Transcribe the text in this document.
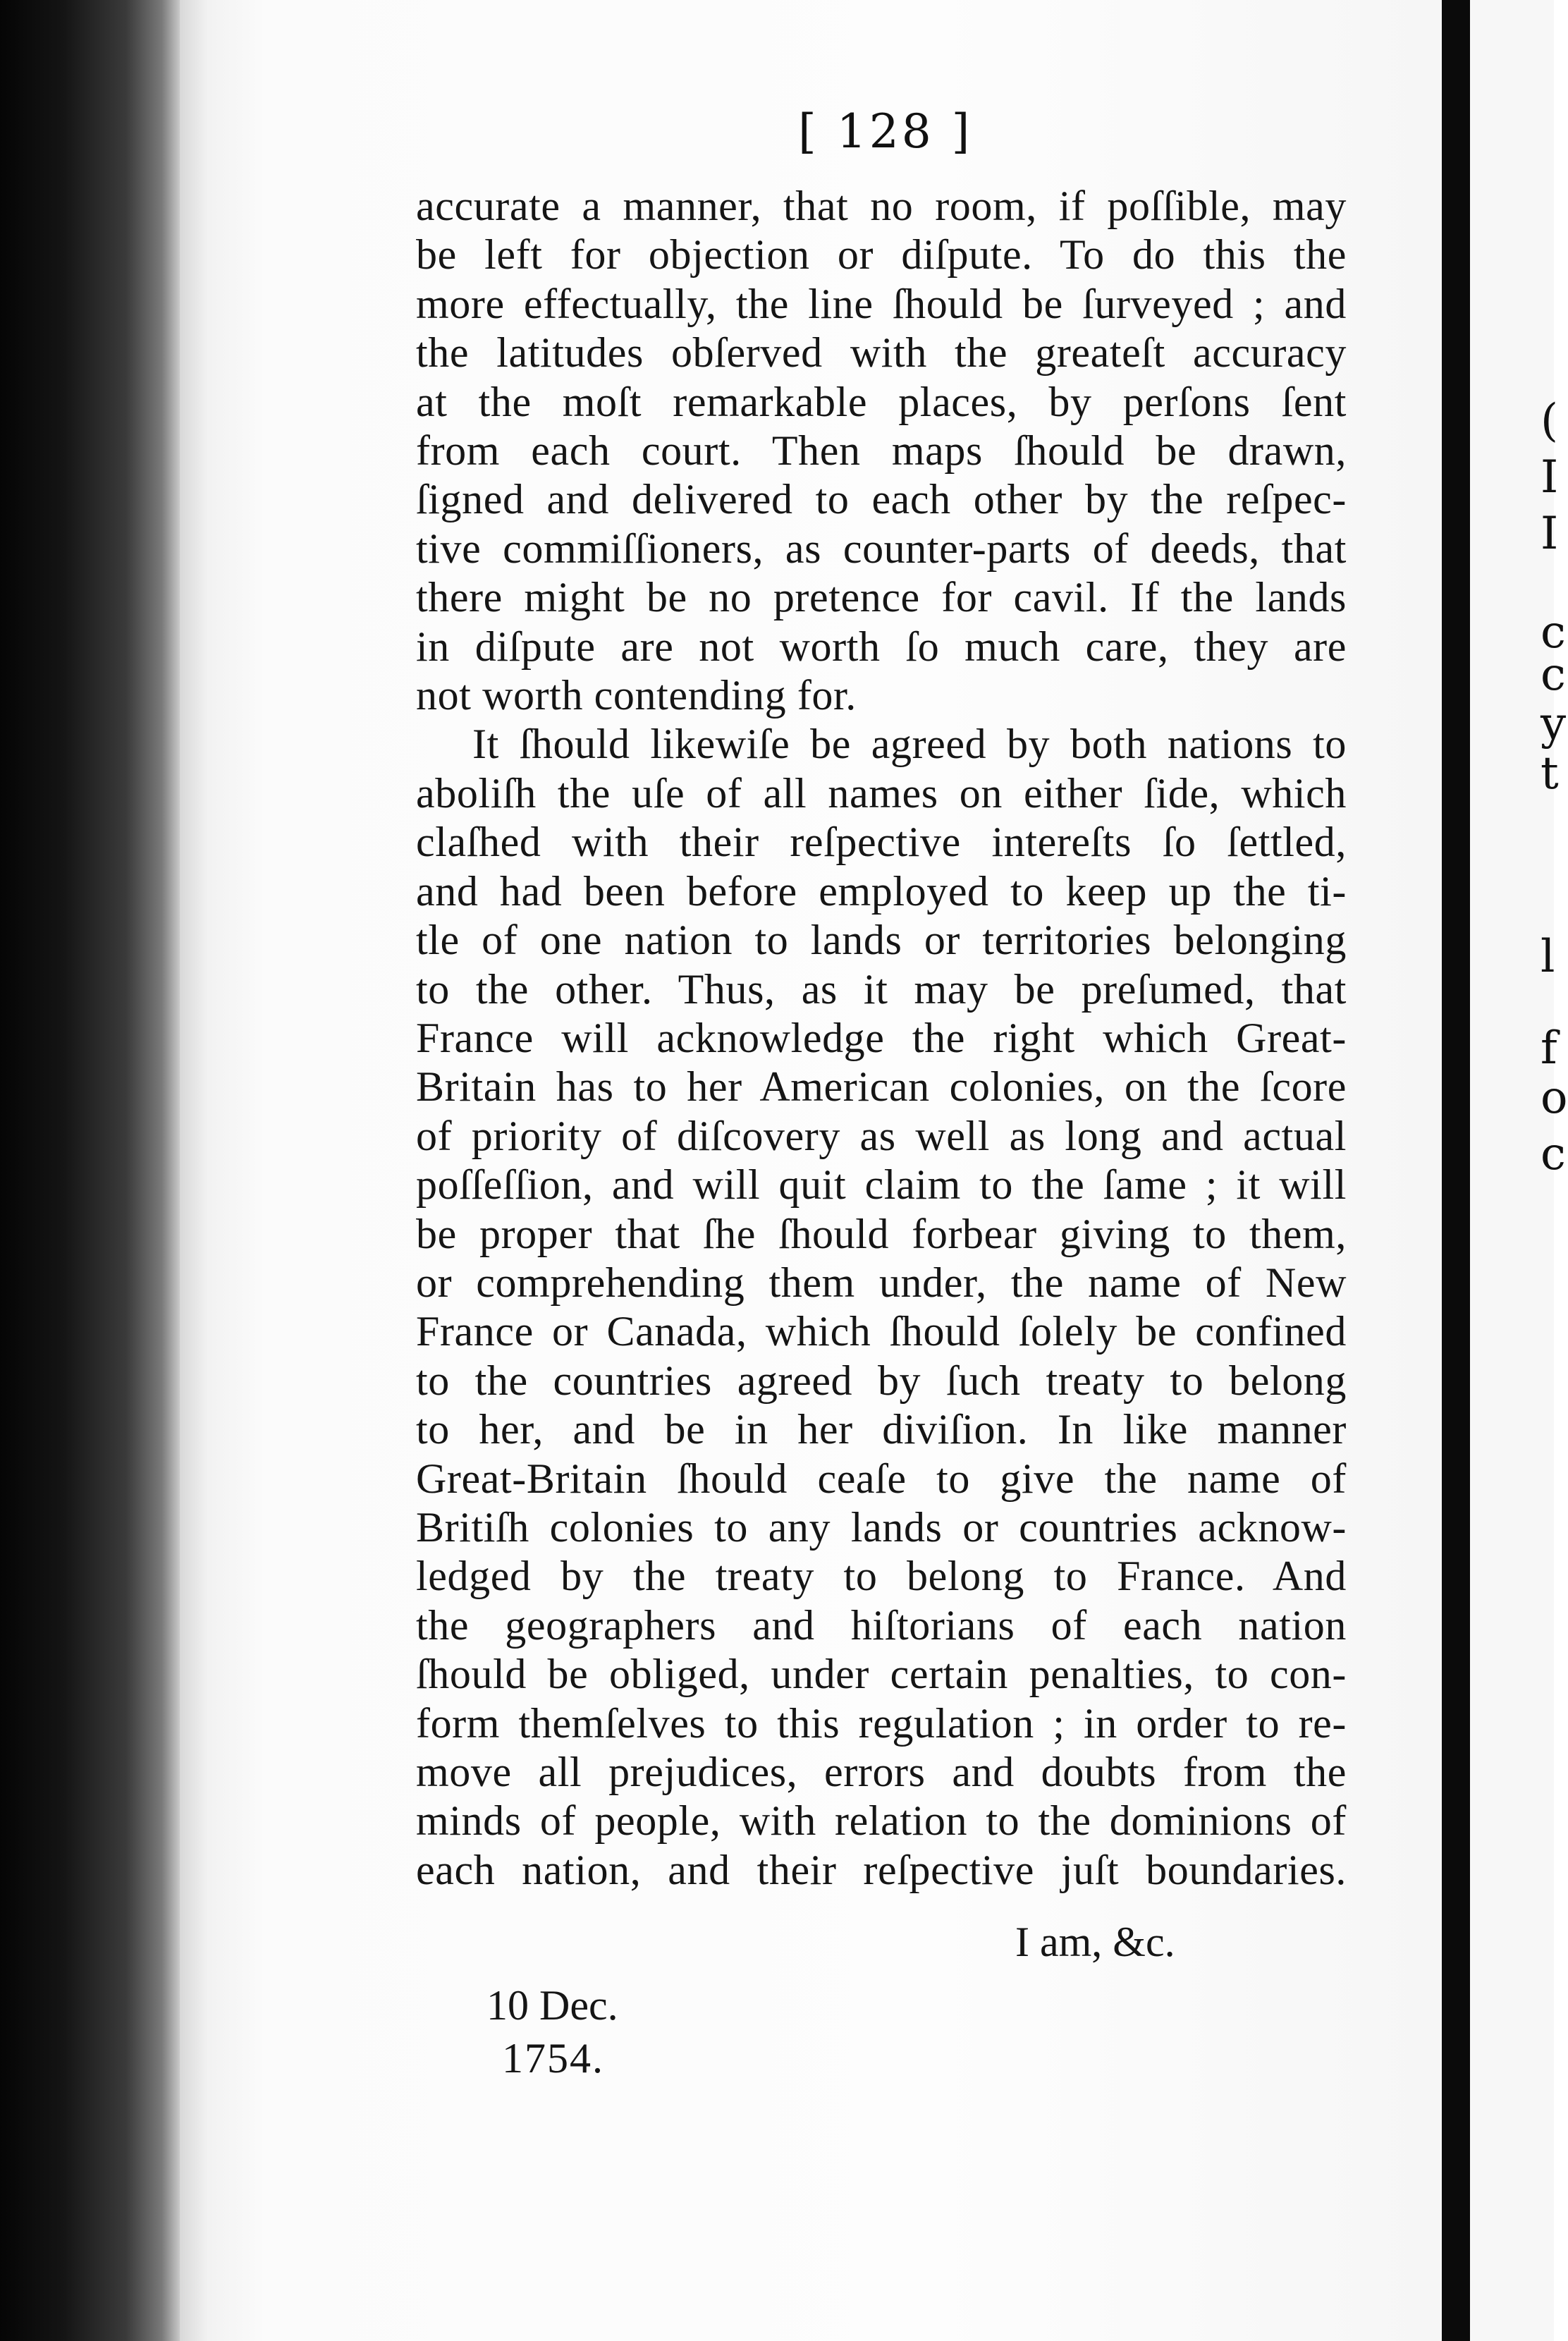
(
I
I
c
c
y
t
l
f
o
c
[ 128 ]
accurate a manner, that no room, if poſſible, may
be left for objection or diſpute. To do this the
more effectually, the line ſhould be ſurveyed ; and
the latitudes obſerved with the greateſt accuracy
at the moſt remarkable places, by perſons ſent
from each court. Then maps ſhould be drawn,
ſigned and delivered to each other by the reſpec-
tive commiſſioners, as counter-parts of deeds, that
there might be no pretence for cavil. If the lands
in diſpute are not worth ſo much care, they are
not worth contending for.
It ſhould likewiſe be agreed by both nations to
aboliſh the uſe of all names on either ſide, which
claſhed with their reſpective intereſts ſo ſettled,
and had been before employed to keep up the ti-
tle of one nation to lands or territories belonging
to the other. Thus, as it may be preſumed, that
France will acknowledge the right which Great-
Britain has to her American colonies, on the ſcore
of priority of diſcovery as well as long and actual
poſſeſſion, and will quit claim to the ſame ; it will
be proper that ſhe ſhould forbear giving to them,
or comprehending them under, the name of New
France or Canada, which ſhould ſolely be confined
to the countries agreed by ſuch treaty to belong
to her, and be in her diviſion. In like manner
Great-Britain ſhould ceaſe to give the name of
Britiſh colonies to any lands or countries acknow-
ledged by the treaty to belong to France. And
the geographers and hiſtorians of each nation
ſhould be obliged, under certain penalties, to con-
form themſelves to this regulation ; in order to re-
move all prejudices, errors and doubts from the
minds of people, with relation to the dominions of
each nation, and their reſpective juſt boundaries.
I am, &c.
10 Dec.
1754.
